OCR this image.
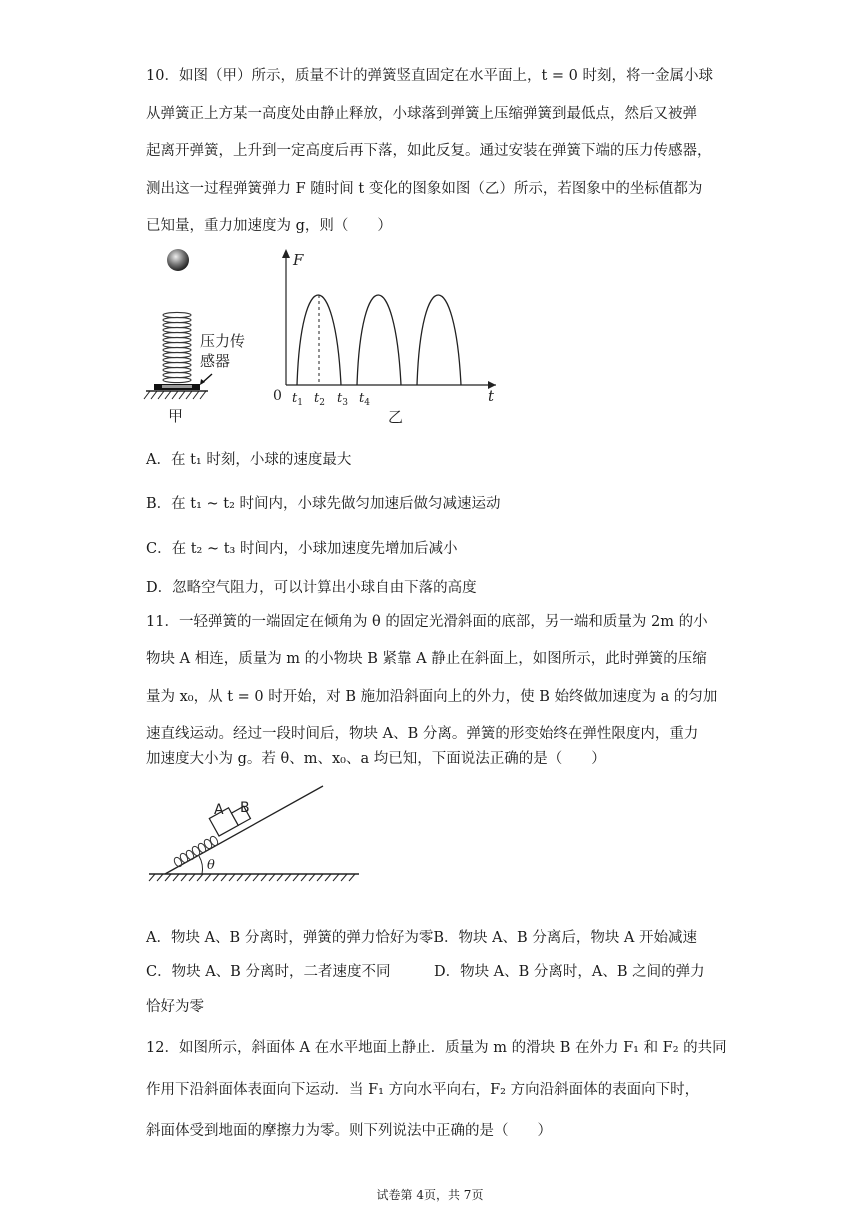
10．如图（甲）所示，质量不计的弹簧竖直固定在水平面上，t = 0 时刻，将一金属小球
从弹簧正上方某一高度处由静止释放，小球落到弹簧上压缩弹簧到最低点，然后又被弹
起离开弹簧，上升到一定高度后再下落，如此反复。通过安装在弹簧下端的压力传感器，
测出这一过程弹簧弹力 F 随时间 t 变化的图象如图（乙）所示，若图象中的坐标值都为
已知量，重力加速度为 g，则（　　）
压力传
感器
甲
F
t
0 $t_1$ $t_2$ $t_3$ $t_4$
乙
A．在 t₁ 时刻，小球的速度最大
B．在 t₁ ~ t₂ 时间内，小球先做匀加速后做匀减速运动
C．在 t₂ ~ t₃ 时间内，小球加速度先增加后减小
D．忽略空气阻力，可以计算出小球自由下落的高度
11．一轻弹簧的一端固定在倾角为 θ 的固定光滑斜面的底部，另一端和质量为 2m 的小
物块 A 相连，质量为 m 的小物块 B 紧靠 A 静止在斜面上，如图所示，此时弹簧的压缩
量为 x₀，从 t = 0 时开始，对 B 施加沿斜面向上的外力，使 B 始终做加速度为 a 的匀加
速直线运动。经过一段时间后，物块 A、B 分离。弹簧的形变始终在弹性限度内，重力
加速度大小为 g。若 θ、m、x₀、a 均已知，下面说法正确的是（　　）
A B
θ
A．物块 A、B 分离时，弹簧的弹力恰好为零B．物块 A、B 分离后，物块 A 开始减速
C．物块 A、B 分离时，二者速度不同　　　D．物块 A、B 分离时，A、B 之间的弹力
恰好为零
12．如图所示，斜面体 A 在水平地面上静止．质量为 m 的滑块 B 在外力 F₁ 和 F₂ 的共同
作用下沿斜面体表面向下运动．当 F₁ 方向水平向右，F₂ 方向沿斜面体的表面向下时，
斜面体受到地面的摩擦力为零。则下列说法中正确的是（　　）
试卷第 4页，共 7页
